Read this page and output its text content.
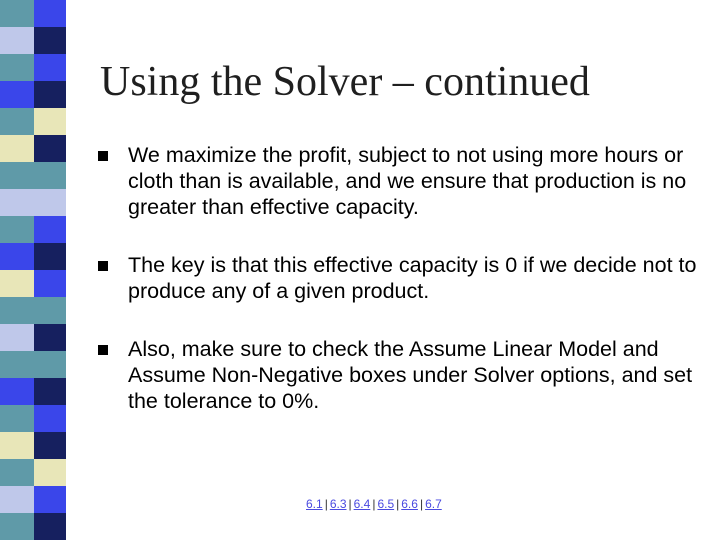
Using the Solver – continued
We maximize the profit, subject to not using more hours or cloth than is available, and we ensure that production is no greater than effective capacity.
The key is that this effective capacity is 0 if we decide not to produce any of a given product.
Also, make sure to check the Assume Linear Model and Assume Non-Negative boxes under Solver options, and set the tolerance to 0%.
6.1 | 6.3 | 6.4 | 6.5 | 6.6 | 6.7
